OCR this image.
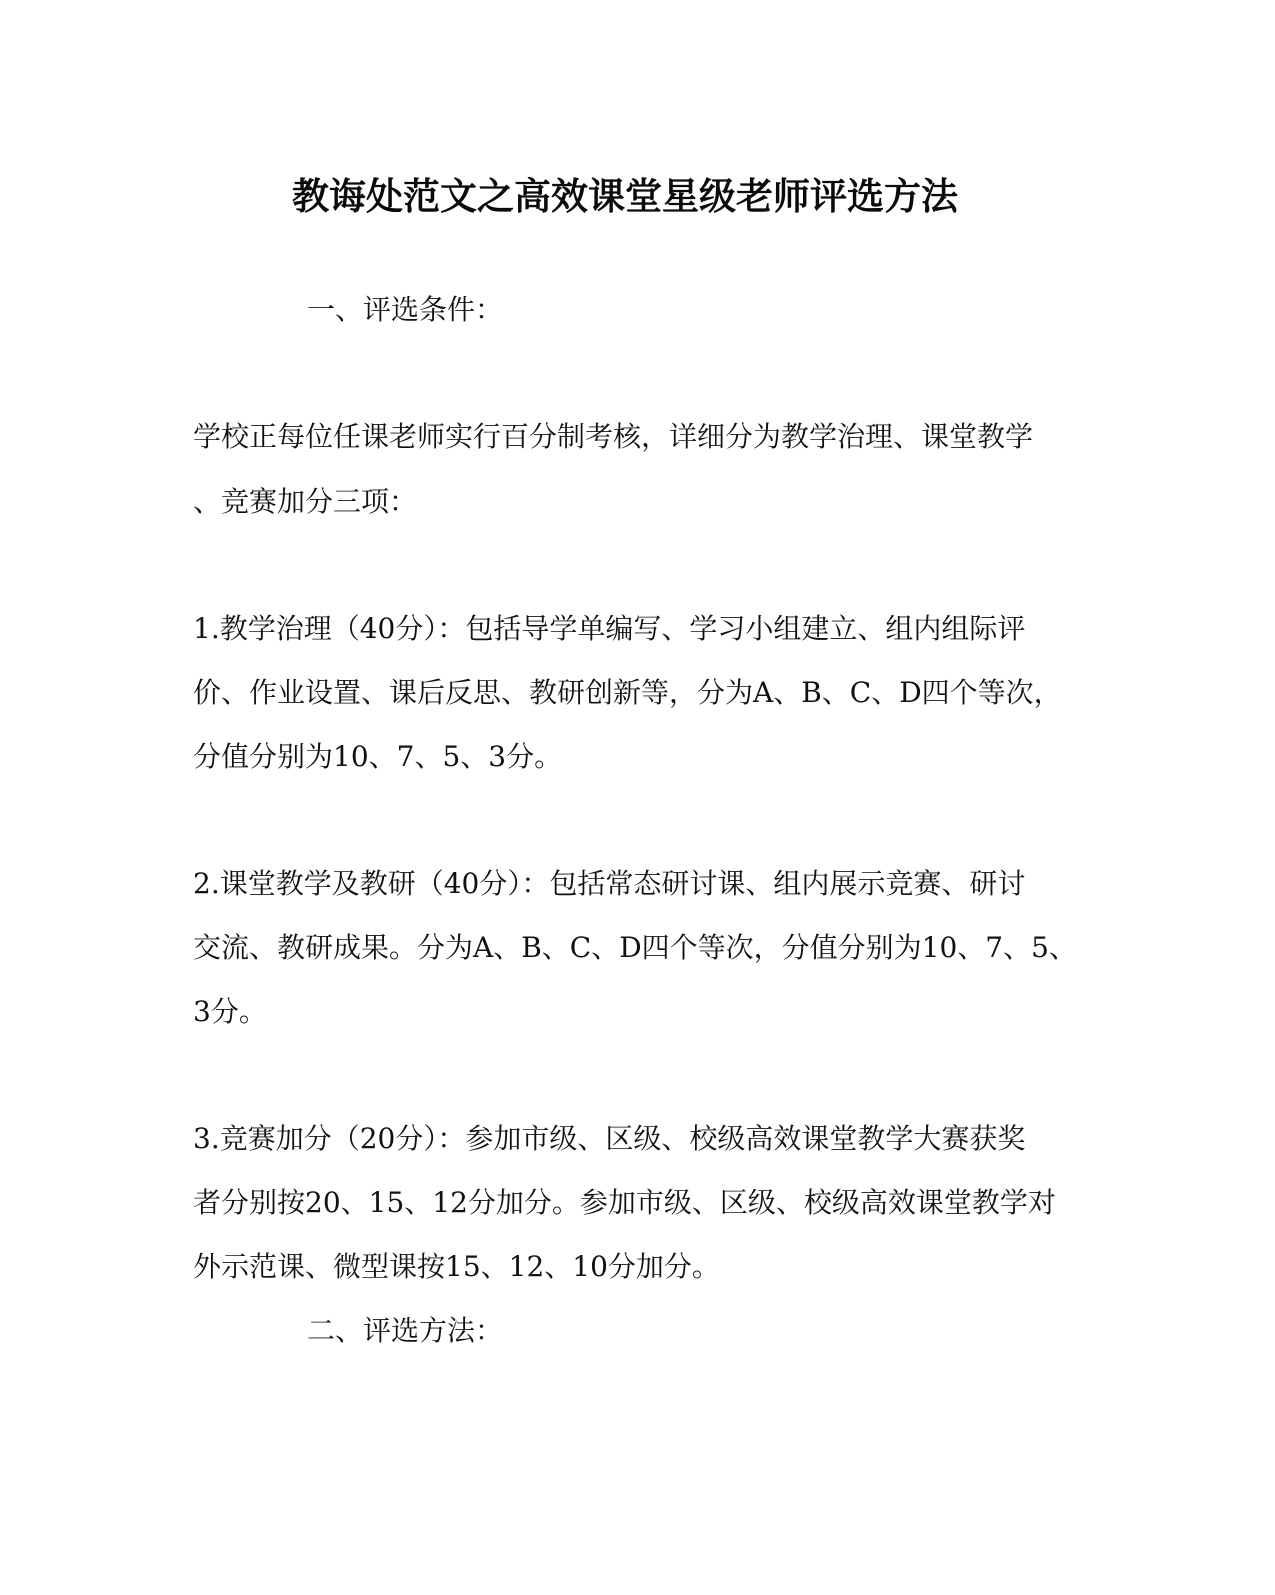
教诲处范文之高效课堂星级老师评选方法
一、评选条件：
学校正每位任课老师实行百分制考核，详细分为教学治理、课堂教学
、竞赛加分三项：
1.教学治理（40分）：包括导学单编写、学习小组建立、组内组际评
价、作业设置、课后反思、教研创新等，分为A、B、C、D四个等次，
分值分别为10、7、5、3分。
2.课堂教学及教研（40分）：包括常态研讨课、组内展示竞赛、研讨
交流、教研成果。分为A、B、C、D四个等次，分值分别为10、7、5、
3分。
3.竞赛加分（20分）：参加市级、区级、校级高效课堂教学大赛获奖
者分别按20、15、12分加分。参加市级、区级、校级高效课堂教学对
外示范课、微型课按15、12、10分加分。
二、评选方法：
